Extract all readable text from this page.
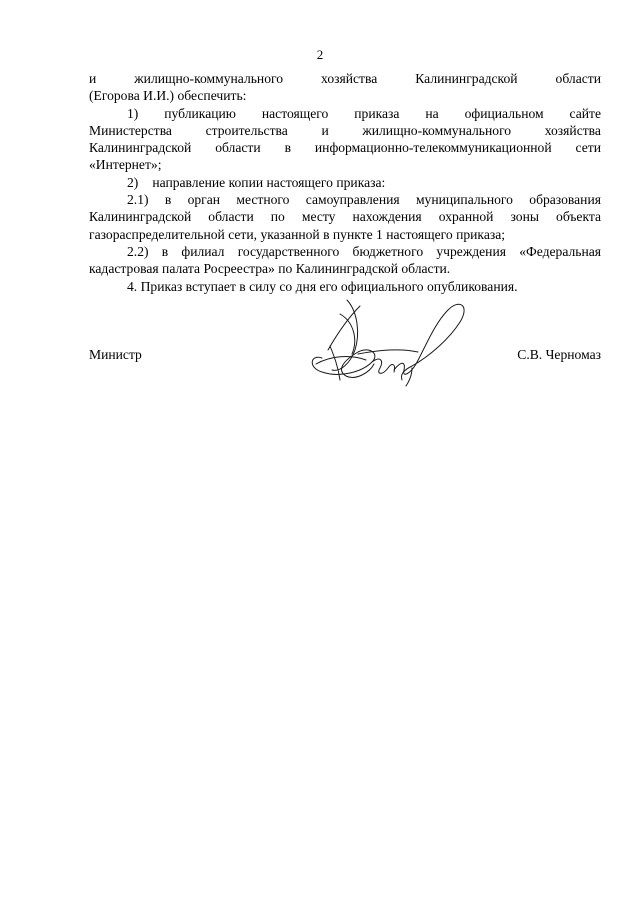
2
и	жилищно-коммунального	хозяйства	Калининградской	области
(Егорова И.И.) обеспечить:
1) публикацию настоящего приказа на официальном сайте
Министерства строительства и жилищно-коммунального хозяйства
Калининградской области в информационно-телекоммуникационной сети
«Интернет»;
2) направление копии настоящего приказа:
2.1) в орган местного самоуправления муниципального образования
Калининградской области по месту нахождения охранной зоны объекта
газораспределительной сети, указанной в пункте 1 настоящего приказа;
2.2) в филиал государственного бюджетного учреждения «Федеральная
кадастровая палата Росреестра» по Калининградской области.
4. Приказ вступает в силу со дня его официального опубликования.
Министр	С.В. Черномаз
